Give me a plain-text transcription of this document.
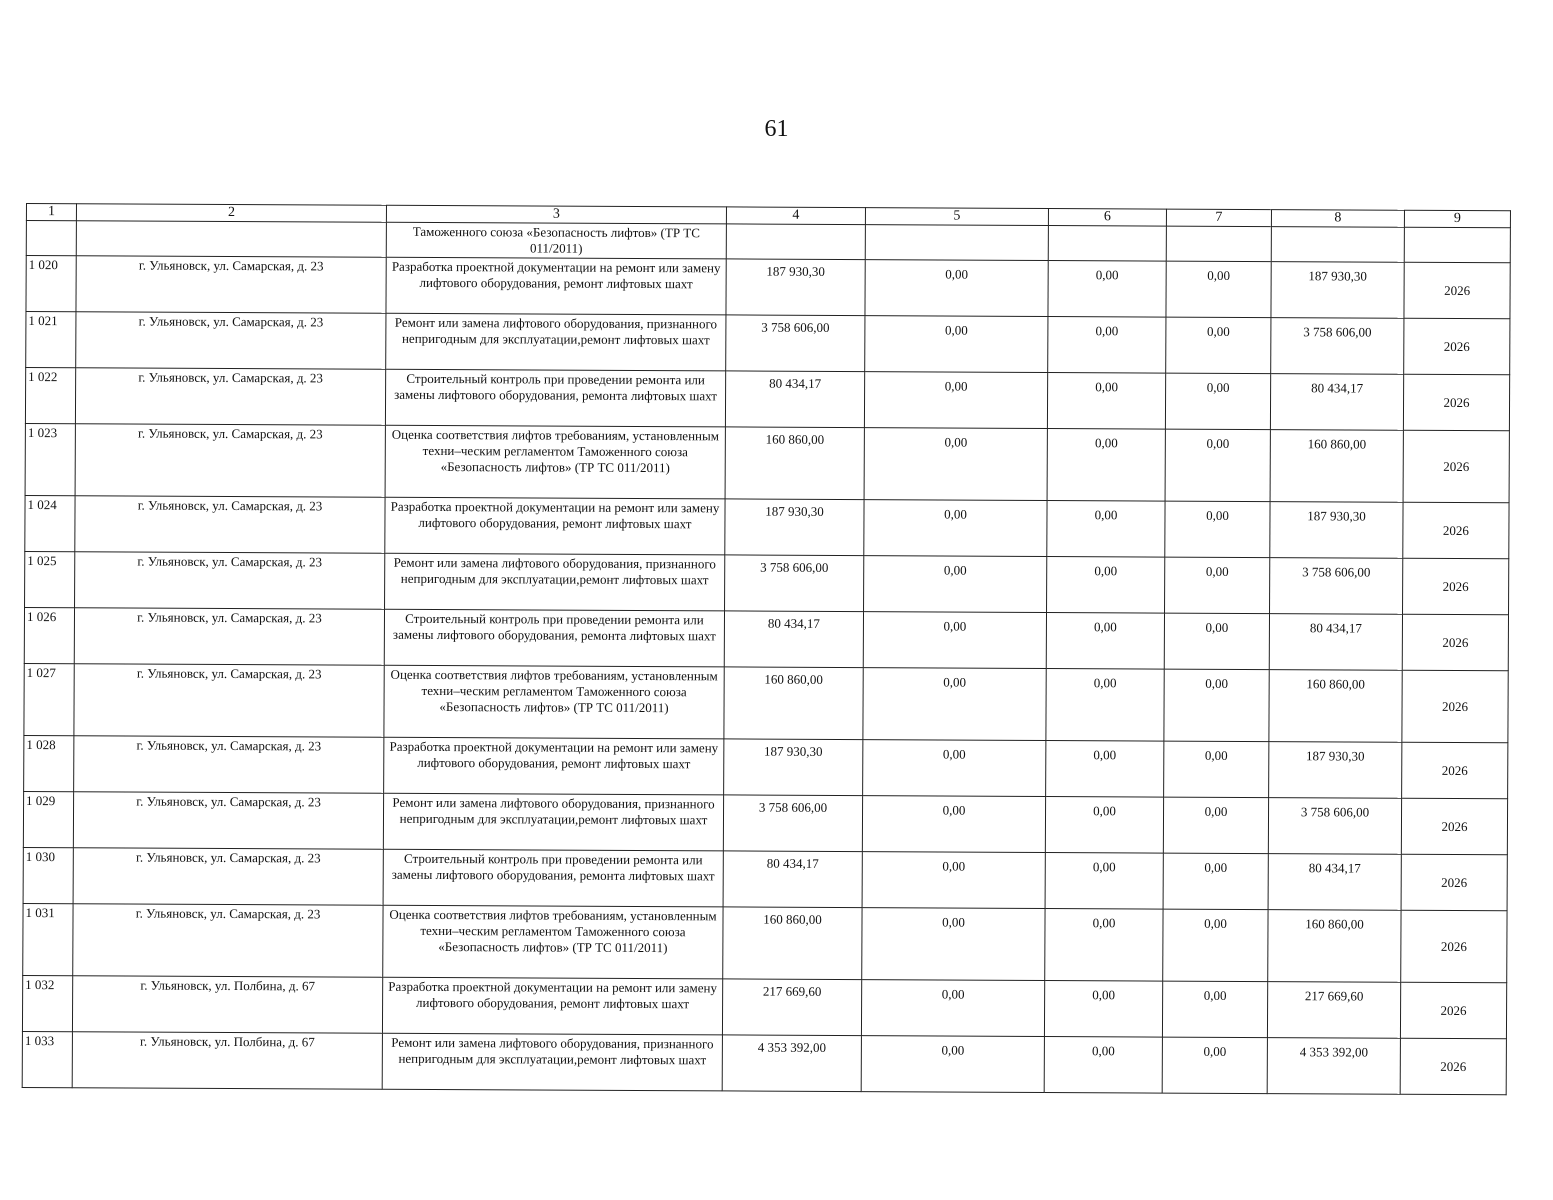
61
1	2	3	4	5	6	7	8	9
		Таможенного союза «Безопасность лифтов» (ТР ТС 011/2011)						
1 020	г. Ульяновск, ул. Самарская, д. 23	Разработка проектной документации на ремонт или замену лифтового оборудования, ремонт лифтовых шахт	187 930,30	0,00	0,00	0,00	187 930,30	2026
1 021	г. Ульяновск, ул. Самарская, д. 23	Ремонт или замена лифтового оборудования, признанного непригодным для эксплуатации,ремонт лифтовых шахт	3 758 606,00	0,00	0,00	0,00	3 758 606,00	2026
1 022	г. Ульяновск, ул. Самарская, д. 23	Строительный контроль при проведении ремонта или замены лифтового оборудования, ремонта лифтовых шахт	80 434,17	0,00	0,00	0,00	80 434,17	2026
1 023	г. Ульяновск, ул. Самарская, д. 23	Оценка соответствия лифтов требованиям, установленным техни–ческим регламентом Таможенного союза «Безопасность лифтов» (ТР ТС 011/2011)	160 860,00	0,00	0,00	0,00	160 860,00	2026
1 024	г. Ульяновск, ул. Самарская, д. 23	Разработка проектной документации на ремонт или замену лифтового оборудования, ремонт лифтовых шахт	187 930,30	0,00	0,00	0,00	187 930,30	2026
1 025	г. Ульяновск, ул. Самарская, д. 23	Ремонт или замена лифтового оборудования, признанного непригодным для эксплуатации,ремонт лифтовых шахт	3 758 606,00	0,00	0,00	0,00	3 758 606,00	2026
1 026	г. Ульяновск, ул. Самарская, д. 23	Строительный контроль при проведении ремонта или замены лифтового оборудования, ремонта лифтовых шахт	80 434,17	0,00	0,00	0,00	80 434,17	2026
1 027	г. Ульяновск, ул. Самарская, д. 23	Оценка соответствия лифтов требованиям, установленным техни–ческим регламентом Таможенного союза «Безопасность лифтов» (ТР ТС 011/2011)	160 860,00	0,00	0,00	0,00	160 860,00	2026
1 028	г. Ульяновск, ул. Самарская, д. 23	Разработка проектной документации на ремонт или замену лифтового оборудования, ремонт лифтовых шахт	187 930,30	0,00	0,00	0,00	187 930,30	2026
1 029	г. Ульяновск, ул. Самарская, д. 23	Ремонт или замена лифтового оборудования, признанного непригодным для эксплуатации,ремонт лифтовых шахт	3 758 606,00	0,00	0,00	0,00	3 758 606,00	2026
1 030	г. Ульяновск, ул. Самарская, д. 23	Строительный контроль при проведении ремонта или замены лифтового оборудования, ремонта лифтовых шахт	80 434,17	0,00	0,00	0,00	80 434,17	2026
1 031	г. Ульяновск, ул. Самарская, д. 23	Оценка соответствия лифтов требованиям, установленным техни–ческим регламентом Таможенного союза «Безопасность лифтов» (ТР ТС 011/2011)	160 860,00	0,00	0,00	0,00	160 860,00	2026
1 032	г. Ульяновск, ул. Полбина, д. 67	Разработка проектной документации на ремонт или замену лифтового оборудования, ремонт лифтовых шахт	217 669,60	0,00	0,00	0,00	217 669,60	2026
1 033	г. Ульяновск, ул. Полбина, д. 67	Ремонт или замена лифтового оборудования, признанного непригодным для эксплуатации,ремонт лифтовых шахт	4 353 392,00	0,00	0,00	0,00	4 353 392,00	2026
